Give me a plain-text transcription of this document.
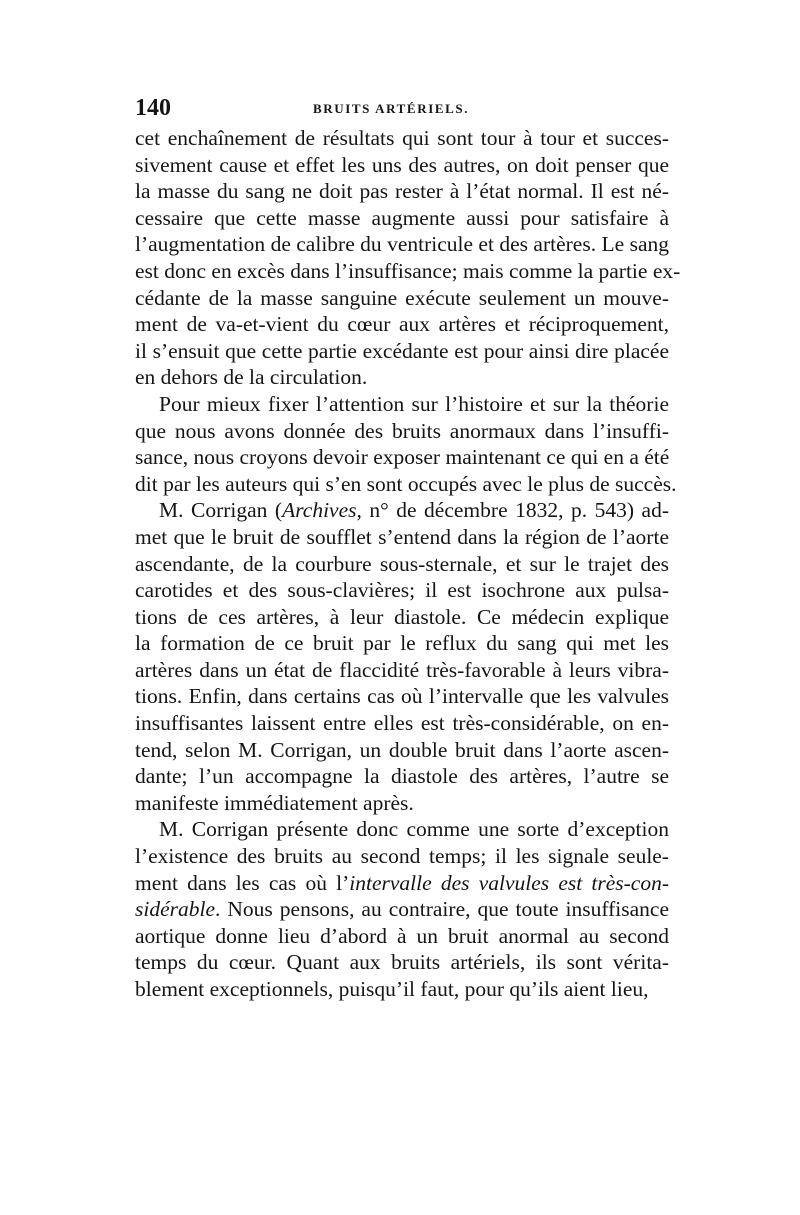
140	BRUITS ARTÉRIELS.
cet enchaînement de résultats qui sont tour à tour et succes-
sivement cause et effet les uns des autres, on doit penser que
la masse du sang ne doit pas rester à l’état normal. Il est né-
cessaire que cette masse augmente aussi pour satisfaire à
l’augmentation de calibre du ventricule et des artères. Le sang
est donc en excès dans l’insuffisance; mais comme la partie ex-
cédante de la masse sanguine exécute seulement un mouve-
ment de va-et-vient du cœur aux artères et réciproquement,
il s’ensuit que cette partie excédante est pour ainsi dire placée
en dehors de la circulation.
Pour mieux fixer l’attention sur l’histoire et sur la théorie
que nous avons donnée des bruits anormaux dans l’insuffi-
sance, nous croyons devoir exposer maintenant ce qui en a été
dit par les auteurs qui s’en sont occupés avec le plus de succès.
M. Corrigan (Archives, n° de décembre 1832, p. 543) ad-
met que le bruit de soufflet s’entend dans la région de l’aorte
ascendante, de la courbure sous-sternale, et sur le trajet des
carotides et des sous-clavières; il est isochrone aux pulsa-
tions de ces artères, à leur diastole. Ce médecin explique
la formation de ce bruit par le reflux du sang qui met les
artères dans un état de flaccidité très-favorable à leurs vibra-
tions. Enfin, dans certains cas où l’intervalle que les valvules
insuffisantes laissent entre elles est très-considérable, on en-
tend, selon M. Corrigan, un double bruit dans l’aorte ascen-
dante; l’un accompagne la diastole des artères, l’autre se
manifeste immédiatement après.
M. Corrigan présente donc comme une sorte d’exception
l’existence des bruits au second temps; il les signale seule-
ment dans les cas où l’intervalle des valvules est très-con-
sidérable. Nous pensons, au contraire, que toute insuffisance
aortique donne lieu d’abord à un bruit anormal au second
temps du cœur. Quant aux bruits artériels, ils sont vérita-
blement exceptionnels, puisqu’il faut, pour qu’ils aient lieu,
